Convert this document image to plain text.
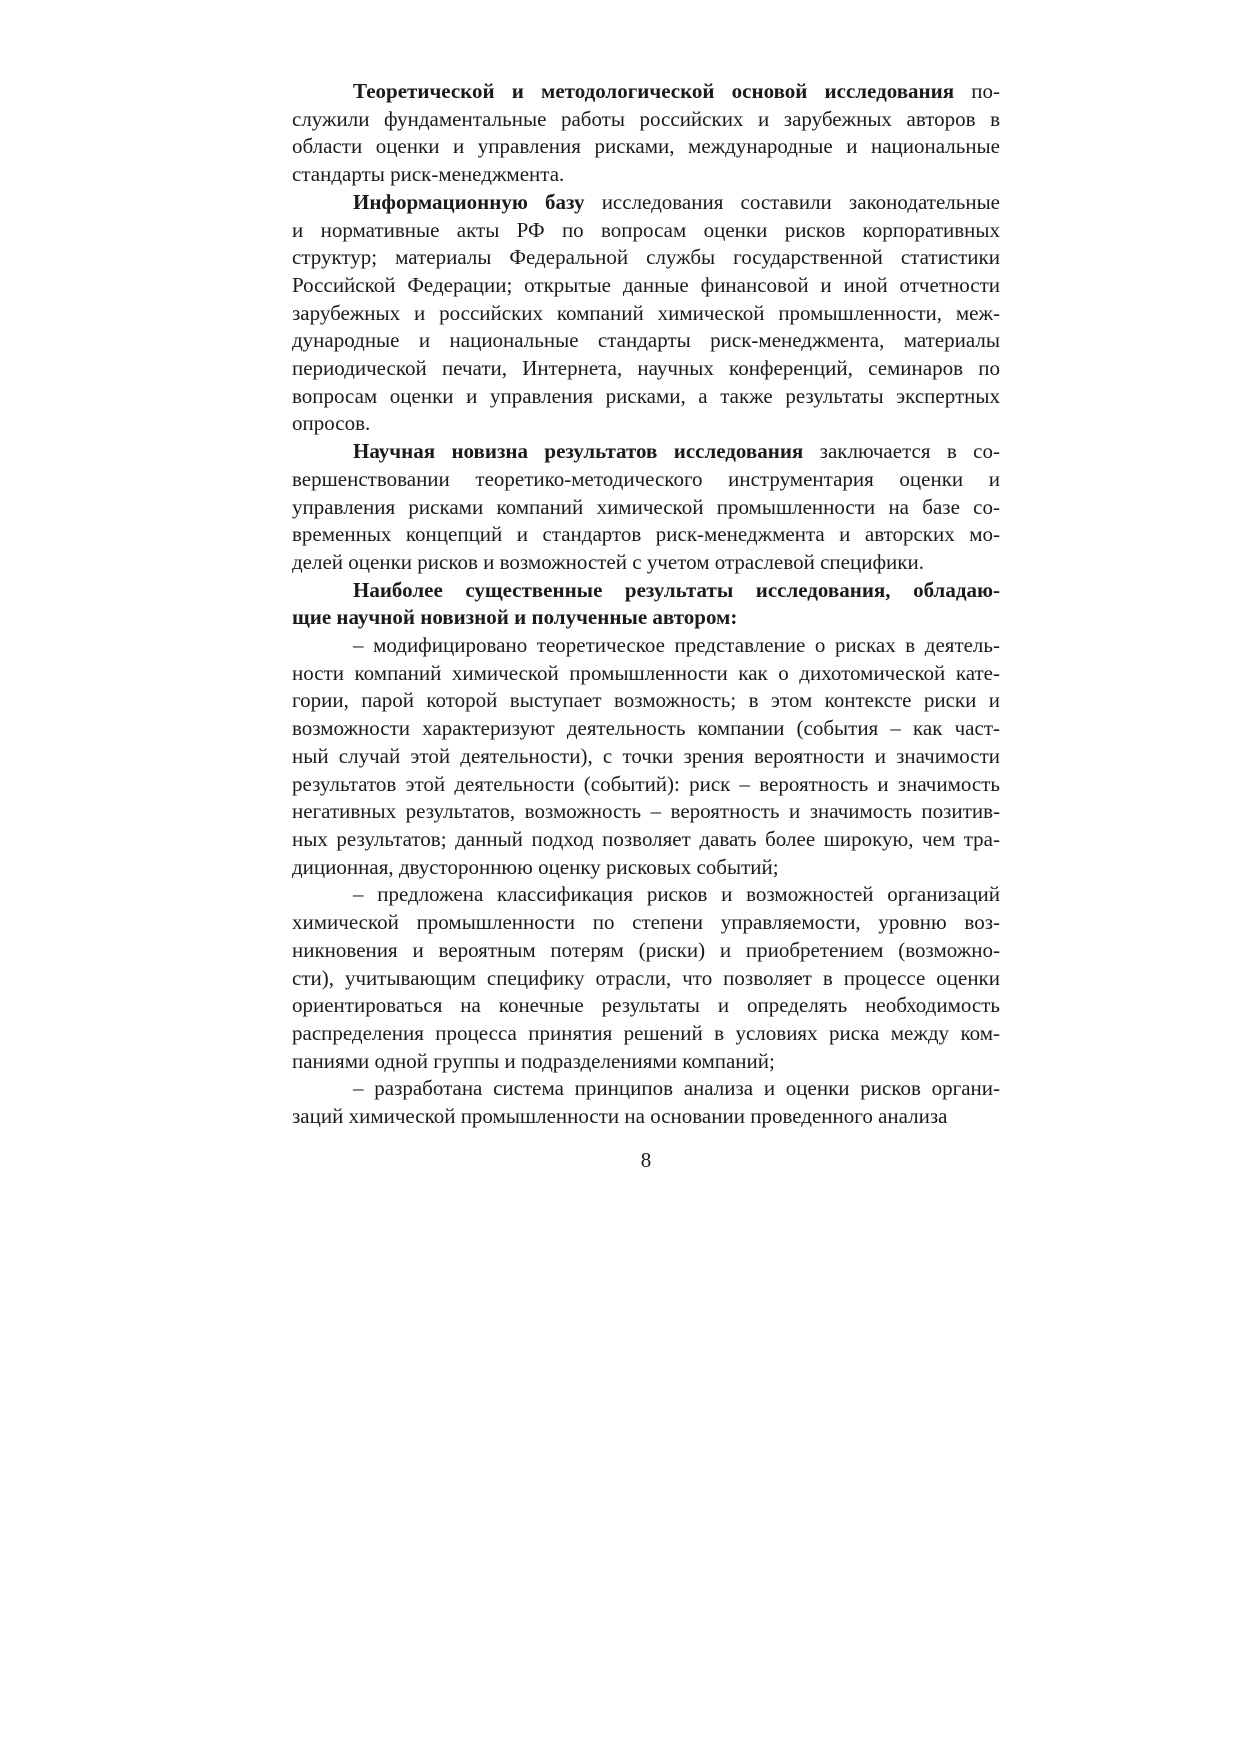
Теоретической и методологической основой исследования по-
служили фундаментальные работы российских и зарубежных авторов в
области оценки и управления рисками, международные и национальные
стандарты риск-менеджмента.
Информационную базу исследования составили законодательные
и нормативные акты РФ по вопросам оценки рисков корпоративных
структур; материалы Федеральной службы государственной статистики
Российской Федерации; открытые данные финансовой и иной отчетности
зарубежных и российских компаний химической промышленности, меж-
дународные и национальные стандарты риск-менеджмента, материалы
периодической печати, Интернета, научных конференций, семинаров по
вопросам оценки и управления рисками, а также результаты экспертных
опросов.
Научная новизна результатов исследования заключается в со-
вершенствовании теоретико-методического инструментария оценки и
управления рисками компаний химической промышленности на базе со-
временных концепций и стандартов риск-менеджмента и авторских мо-
делей оценки рисков и возможностей с учетом отраслевой специфики.
Наиболее существенные результаты исследования, обладаю-
щие научной новизной и полученные автором:
– модифицировано теоретическое представление о рисках в деятель-
ности компаний химической промышленности как о дихотомической кате-
гории, парой которой выступает возможность; в этом контексте риски и
возможности характеризуют деятельность компании (события – как част-
ный случай этой деятельности), с точки зрения вероятности и значимости
результатов этой деятельности (событий): риск – вероятность и значимость
негативных результатов, возможность – вероятность и значимость позитив-
ных результатов; данный подход позволяет давать более широкую, чем тра-
диционная, двустороннюю оценку рисковых событий;
– предложена классификация рисков и возможностей организаций
химической промышленности по степени управляемости, уровню воз-
никновения и вероятным потерям (риски) и приобретением (возможно-
сти), учитывающим специфику отрасли, что позволяет в процессе оценки
ориентироваться на конечные результаты и определять необходимость
распределения процесса принятия решений в условиях риска между ком-
паниями одной группы и подразделениями компаний;
– разработана система принципов анализа и оценки рисков органи-
заций химической промышленности на основании проведенного анализа
8
